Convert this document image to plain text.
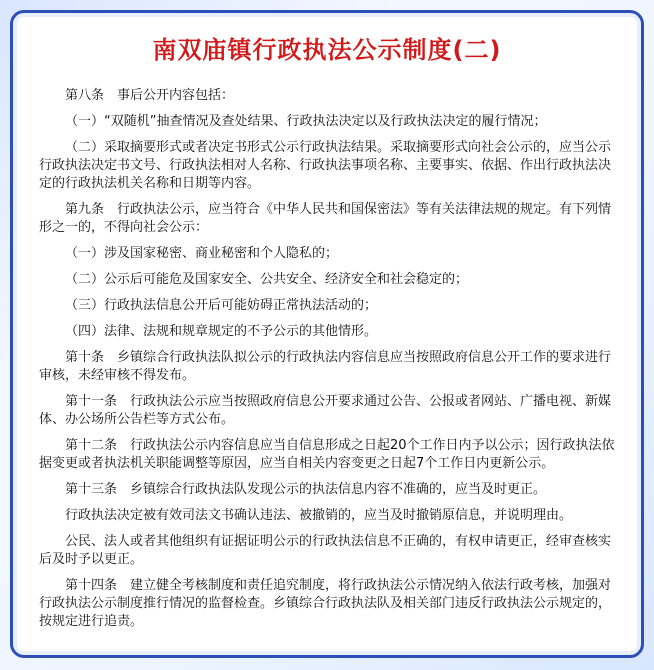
南双庙镇行政执法公示制度(二)

第八条　事后公开内容包括：

（一）“双随机”抽查情况及查处结果、行政执法决定以及行政执法决定的履行情况；

（二）采取摘要形式或者决定书形式公示行政执法结果。采取摘要形式向社会公示的，应当公示行政执法决定书文号、行政执法相对人名称、行政执法事项名称、主要事实、依据、作出行政执法决定的行政执法机关名称和日期等内容。

第九条　行政执法公示，应当符合《中华人民共和国保密法》等有关法律法规的规定。有下列情形之一的，不得向社会公示：

（一）涉及国家秘密、商业秘密和个人隐私的；

（二）公示后可能危及国家安全、公共安全、经济安全和社会稳定的；

（三）行政执法信息公开后可能妨碍正常执法活动的；

（四）法律、法规和规章规定的不予公示的其他情形。

第十条　乡镇综合行政执法队拟公示的行政执法内容信息应当按照政府信息公开工作的要求进行审核，未经审核不得发布。

第十一条　行政执法公示应当按照政府信息公开要求通过公告、公报或者网站、广播电视、新媒体、办公场所公告栏等方式公布。

第十二条　行政执法公示内容信息应当自信息形成之日起20个工作日内予以公示；因行政执法依据变更或者执法机关职能调整等原因，应当自相关内容变更之日起7个工作日内更新公示。

第十三条　乡镇综合行政执法队发现公示的执法信息内容不准确的，应当及时更正。

行政执法决定被有效司法文书确认违法、被撤销的，应当及时撤销原信息，并说明理由。

公民、法人或者其他组织有证据证明公示的行政执法信息不正确的，有权申请更正，经审查核实后及时予以更正。

第十四条　建立健全考核制度和责任追究制度，将行政执法公示情况纳入依法行政考核，加强对行政执法公示制度推行情况的监督检查。乡镇综合行政执法队及相关部门违反行政执法公示规定的，按规定进行追责。
